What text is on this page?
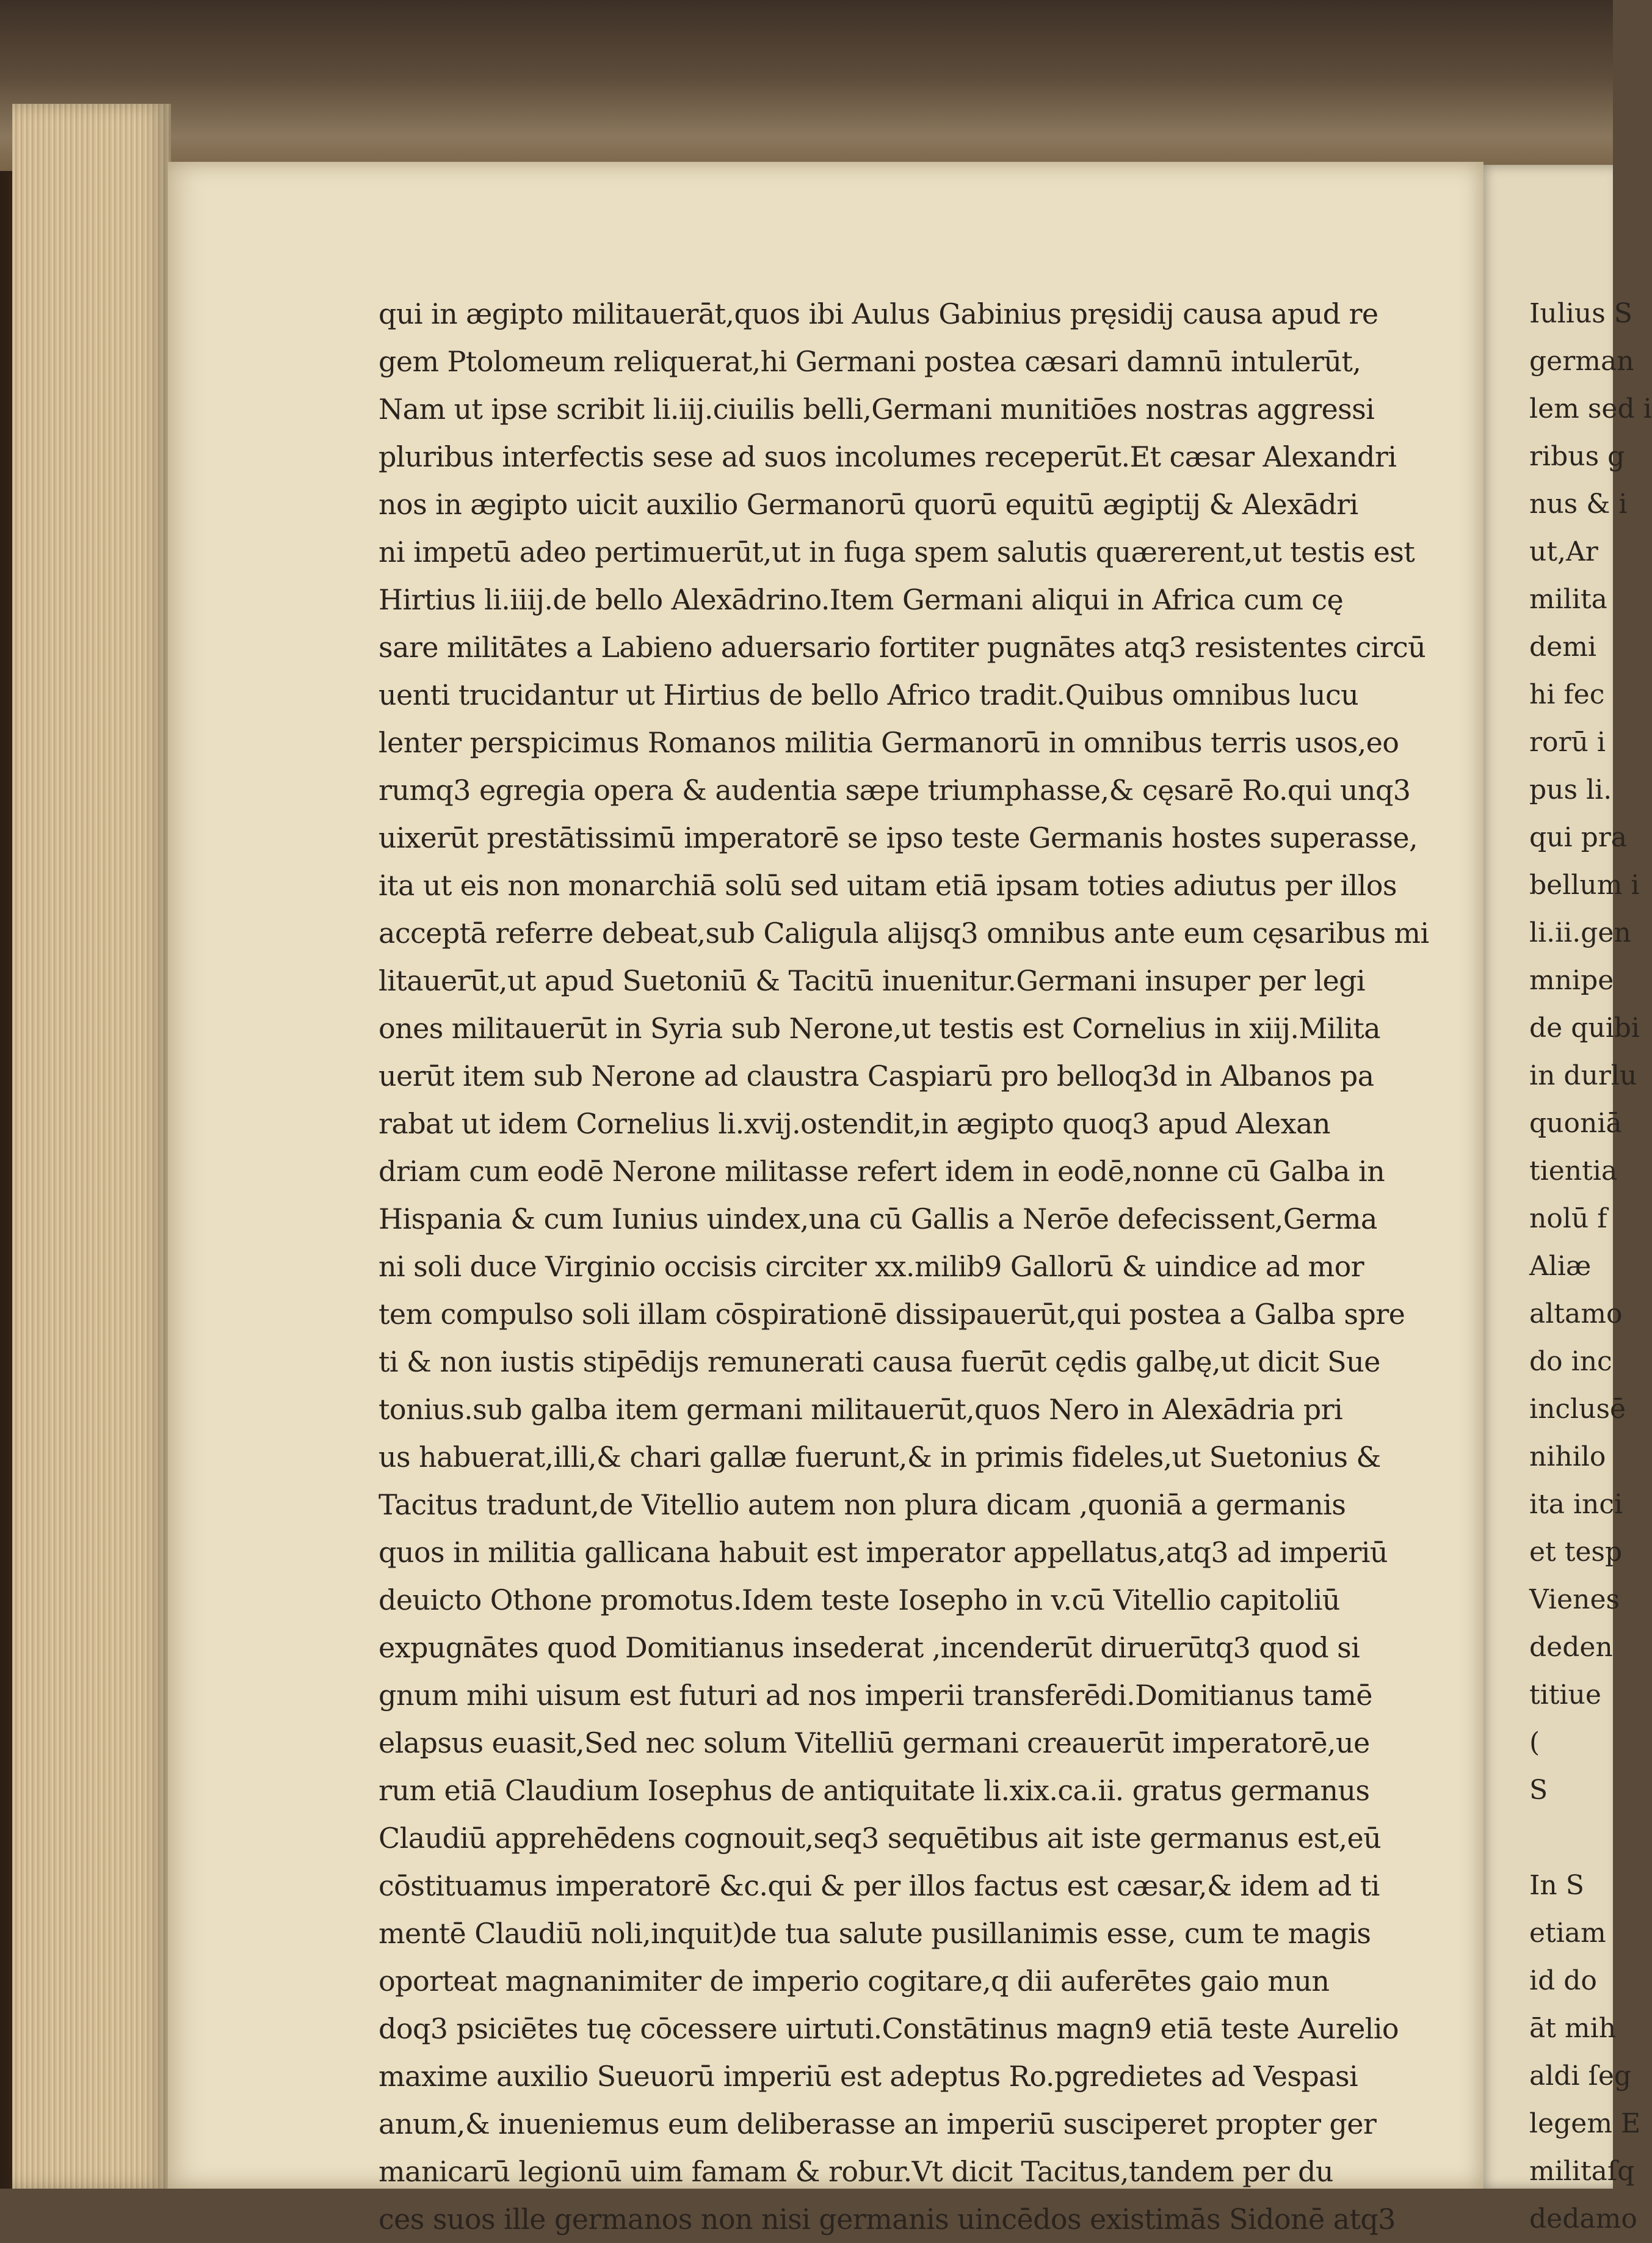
qui in ægipto militauerāt,quos ibi Aulus Gabinius pręsidij causa apud re
gem Ptolomeum reliquerat,hi Germani postea cæsari damnū intulerūt,
Nam ut ipse scribit li.iij.ciuilis belli,Germani munitiōes nostras aggressi
pluribus interfectis sese ad suos incolumes receperūt.Et cæsar Alexandri
nos in ægipto uicit auxilio Germanorū quorū equitū ægiptij & Alexādri
ni impetū adeo pertimuerūt,ut in fuga spem salutis quærerent,ut testis est
Hirtius li.iiij.de bello Alexādrino.Item Germani aliqui in Africa cum cę
sare militātes a Labieno aduersario fortiter pugnātes atq3 resistentes circū
uenti trucidantur ut Hirtius de bello Africo tradit.Quibus omnibus lucu
lenter perspicimus Romanos militia Germanorū in omnibus terris usos,eo
rumq3 egregia opera & audentia sæpe triumphasse,& cęsarē Ro.qui unq3
uixerūt prestātissimū imperatorē se ipso teste Germanis hostes superasse,
ita ut eis non monarchiā solū sed uitam etiā ipsam toties adiutus per illos
acceptā referre debeat,sub Caligula alijsq3 omnibus ante eum cęsaribus mi
litauerūt,ut apud Suetoniū & Tacitū inuenitur.Germani insuper per legi
ones militauerūt in Syria sub Nerone,ut testis est Cornelius in xiij.Milita
uerūt item sub Nerone ad claustra Caspiarū pro belloq3d in Albanos pa
rabat ut idem Cornelius li.xvij.ostendit,in ægipto quoq3 apud Alexan
driam cum eodē Nerone militasse refert idem in eodē,nonne cū Galba in
Hispania & cum Iunius uindex,una cū Gallis a Nerōe defecissent,Germa
ni soli duce Virginio occisis circiter xx.milib9 Gallorū & uindice ad mor
tem compulso soli illam cōspirationē dissipauerūt,qui postea a Galba spre
ti & non iustis stipēdijs remunerati causa fuerūt cędis galbę,ut dicit Sue
tonius.sub galba item germani militauerūt,quos Nero in Alexādria pri
us habuerat,illi,& chari gallæ fuerunt,& in primis fideles,ut Suetonius &
Tacitus tradunt,de Vitellio autem non plura dicam ,quoniā a germanis
quos in militia gallicana habuit est imperator appellatus,atq3 ad imperiū
deuicto Othone promotus.Idem teste Iosepho in v.cū Vitellio capitoliū
expugnātes quod Domitianus insederat ,incenderūt diruerūtq3 quod si
gnum mihi uisum est futuri ad nos imperii transferēdi.Domitianus tamē
elapsus euasit,Sed nec solum Vitelliū germani creauerūt imperatorē,ue
rum etiā Claudium Iosephus de antiquitate li.xix.ca.ii. gratus germanus
Claudiū apprehēdens cognouit,seq3 sequētibus ait iste germanus est,eū
cōstituamus imperatorē &c.qui & per illos factus est cæsar,& idem ad ti
mentē Claudiū noli,inquit)de tua salute pusillanimis esse, cum te magis
oporteat magnanimiter de imperio cogitare,q dii auferētes gaio mun
doq3 psiciētes tuę cōcessere uirtuti.Constātinus magn9 etiā teste Aurelio
maxime auxilio Sueuorū imperiū est adeptus Ro.pgredietes ad Vespasi
anum,& inueniemus eum deliberasse an imperiū susciperet propter ger
manicarū legionū uim famam & robur.Vt dicit Tacitus,tandem per du
ces suos ille germanos non nisi germanis uincēdos existimās Sidonē atq3
Iulius S
german
lem sed i
ribus g
nus & i
ut,Ar
milita
demi
hi fec
rorū i
pus li.
qui pra
bellum i
li.ii.gen
mnipe
de quibi
in durlu
quoniā
tientia
nolū f
Aliæ
altamo
do inc
inclusē
nihilo
ita inci
et tesp
Vienes
deden
titiue
(
S
In S
etiam
id do
āt mih
aldi ſeg
legem E
militaſq
dedamo
